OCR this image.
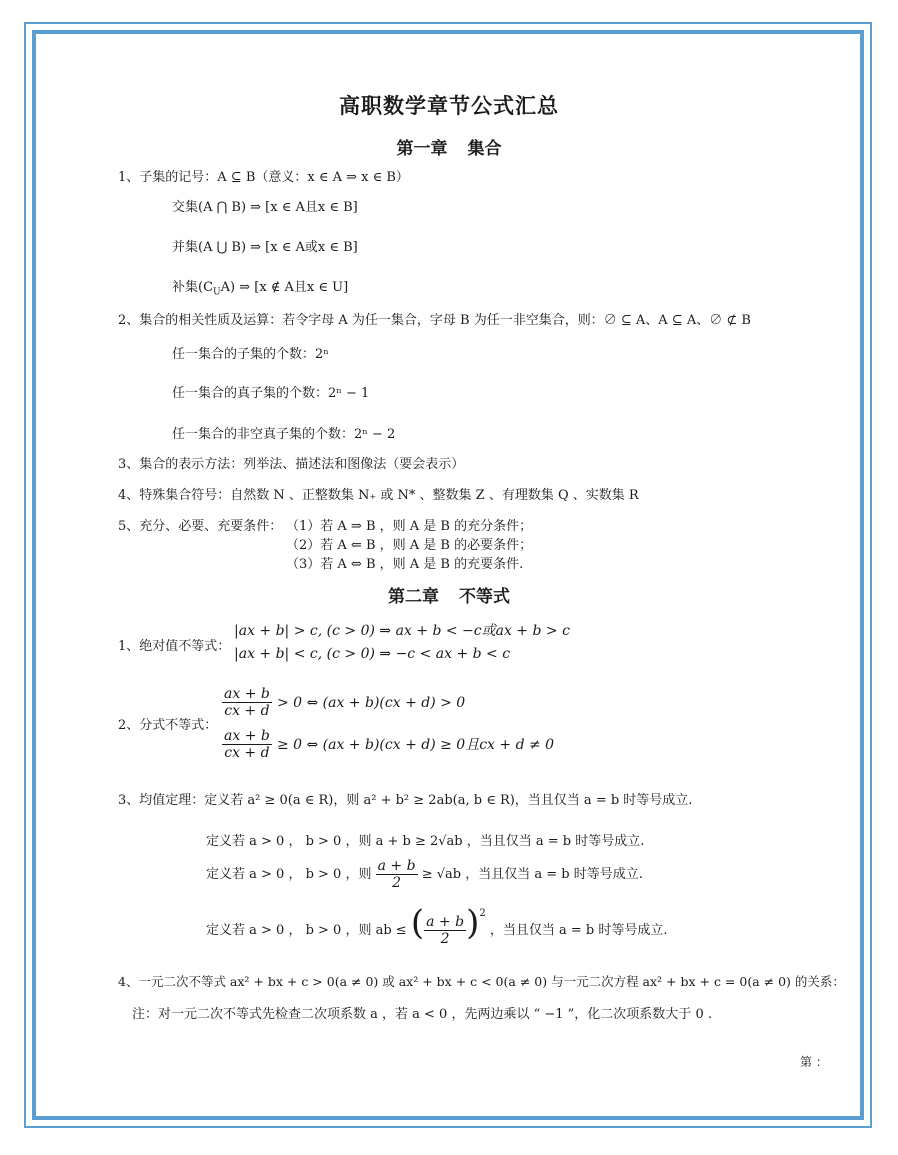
高职数学章节公式汇总
第一章 集合
1、子集的记号：A ⊆ B（意义：x ∈ A ⇒ x ∈ B）
交集(A ⋂ B) ⇒ [x ∈ A且x ∈ B]
并集(A ⋃ B) ⇒ [x ∈ A或x ∈ B]
补集$(C_UA)$ ⇒ [x ∉ A且x ∈ U]
2、集合的相关性质及运算：若令字母 A 为任一集合，字母 B 为任一非空集合，则：∅ ⊆ A、A ⊆ A、∅ ⊄ B
任一集合的子集的个数：2ⁿ
任一集合的真子集的个数：2ⁿ − 1
任一集合的非空真子集的个数：2ⁿ − 2
3、集合的表示方法：列举法、描述法和图像法（要会表示）
4、特殊集合符号：自然数 N 、正整数集 N₊ 或 N* 、整数集 Z 、有理数集 Q 、实数集 R
5、充分、必要、充要条件： （1）若 A ⇒ B ，则 A 是 B 的充分条件；
（2）若 A ⇐ B ，则 A 是 B 的必要条件；
（3）若 A ⇔ B ，则 A 是 B 的充要条件.
第二章 不等式
1、绝对值不等式：
|ax + b| > c, (c > 0) ⇒ ax + b < −c或ax + b > c
|ax + b| < c, (c > 0) ⇒ −c < ax + b < c
2、分式不等式：
$\frac{ax + b}{cx + d} > 0$ ⇔ (ax + b)(cx + d) > 0
$\frac{ax + b}{cx + d} \ge 0$ ⇔ (ax + b)(cx + d) ≥ 0且cx + d ≠ 0
3、均值定理：定义若 a² ≥ 0(a ∈ R)，则 a² + b² ≥ 2ab(a, b ∈ R)，当且仅当 a = b 时等号成立.
定义若 a > 0 ， b > 0 ，则 a + b ≥ 2√ab ，当且仅当 a = b 时等号成立.
定义若 a > 0 ， b > 0 ，则 $\frac{a + b}{2} \ge √ab$ ，当且仅当 a = b 时等号成立.
定义若 a > 0 ， b > 0 ，则 ab ≤ ( $\frac{a + b}{2} )^2$ ，当且仅当 a = b 时等号成立.
4、一元二次不等式 ax² + bx + c > 0(a ≠ 0) 或 ax² + bx + c < 0(a ≠ 0) 与一元二次方程 ax² + bx + c = 0(a ≠ 0) 的关系：
注：对一元二次不等式先检查二次项系数 a ，若 a < 0 ，先两边乘以 “ −1 ”，化二次项系数大于 0 .
第 ：
